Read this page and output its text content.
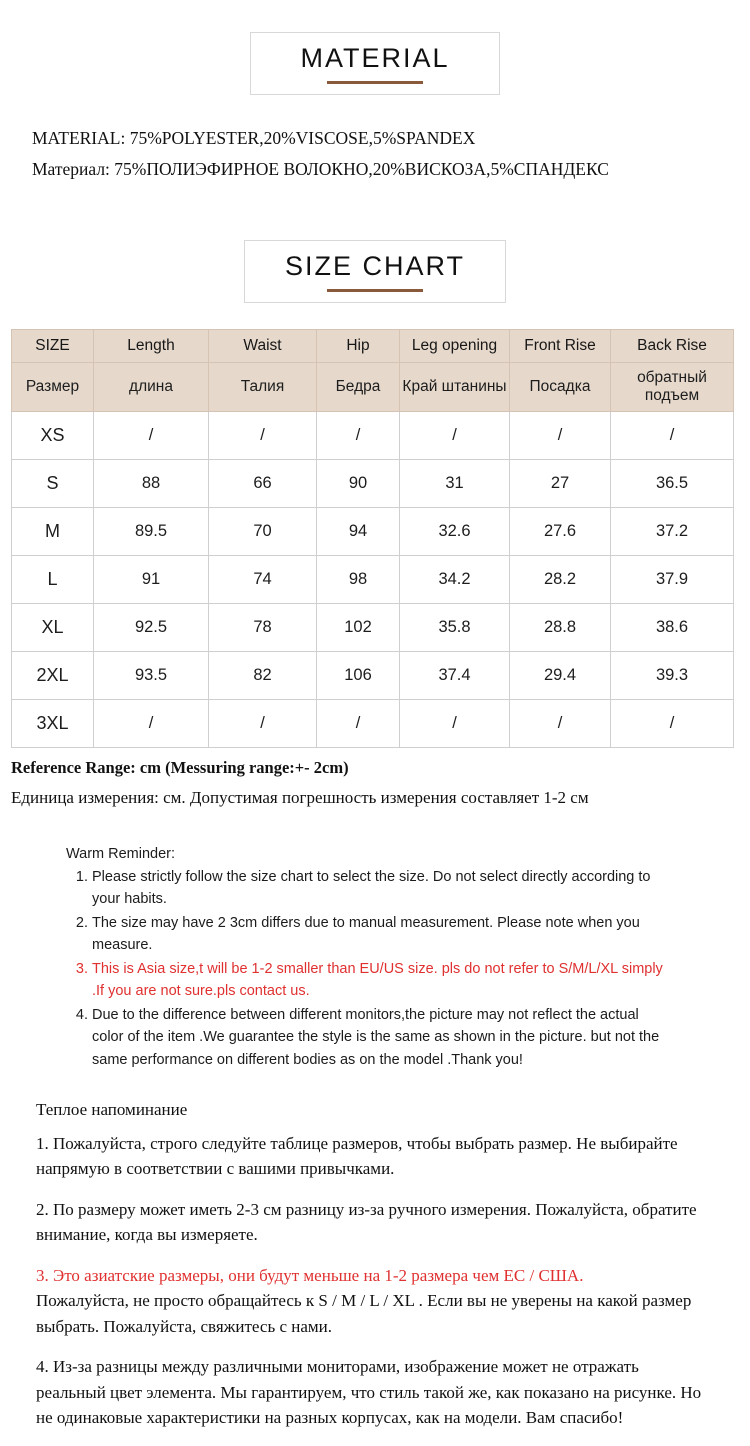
MATERIAL
MATERIAL: 75%POLYESTER,20%VISCOSE,5%SPANDEX
Материал: 75%ПОЛИЭФИРНОЕ ВОЛОКНО,20%ВИСКОЗА,5%СПАНДЕКС
SIZE CHART
SIZE	Length	Waist	Hip	Leg opening	Front Rise	Back Rise
Размер	длина	Талия	Бедра	Край штанины	Посадка	обратный подъем
XS	/	/	/	/	/	/
S	88	66	90	31	27	36.5
M	89.5	70	94	32.6	27.6	37.2
L	91	74	98	34.2	28.2	37.9
XL	92.5	78	102	35.8	28.8	38.6
2XL	93.5	82	106	37.4	29.4	39.3
3XL	/	/	/	/	/	/
Reference Range: cm (Messuring range:+- 2cm)
Единица измерения: см. Допустимая погрешность измерения составляет 1-2 см
Warm Reminder:
1. Please strictly follow the size chart to select the size. Do not select directly according to your habits.
2. The size may have 2 3cm differs due to manual measurement. Please note when you measure.
3. This is Asia size,t will be 1-2 smaller than EU/US size. pls do not refer to S/M/L/XL simply .If you are not sure.pls contact us.
4. Due to the difference between different monitors,the picture may not reflect the actual color of the item .We guarantee the style is the same as shown in the picture. but not the same performance on different bodies as on the model .Thank you!
Теплое напоминание

1. Пожалуйста, строго следуйте таблице размеров, чтобы выбрать размер. Не выбирайте напрямую в соответствии с вашими привычками.

2. По размеру может иметь 2-3 см разницу из-за ручного измерения. Пожалуйста, обратите внимание, когда вы измеряете.

3. Это азиатские размеры, они будут меньше на 1-2 размера чем ЕС / США.

Пожалуйста, не просто обращайтесь к S / M / L / XL . Если вы не уверены на какой размер выбрать. Пожалуйста, свяжитесь с нами.

4. Из-за разницы между различными мониторами, изображение может не отражать реальный цвет элемента. Мы гарантируем, что стиль такой же, как показано на рисунке. Но не одинаковые характеристики на разных корпусах, как на модели. Вам спасибо!
